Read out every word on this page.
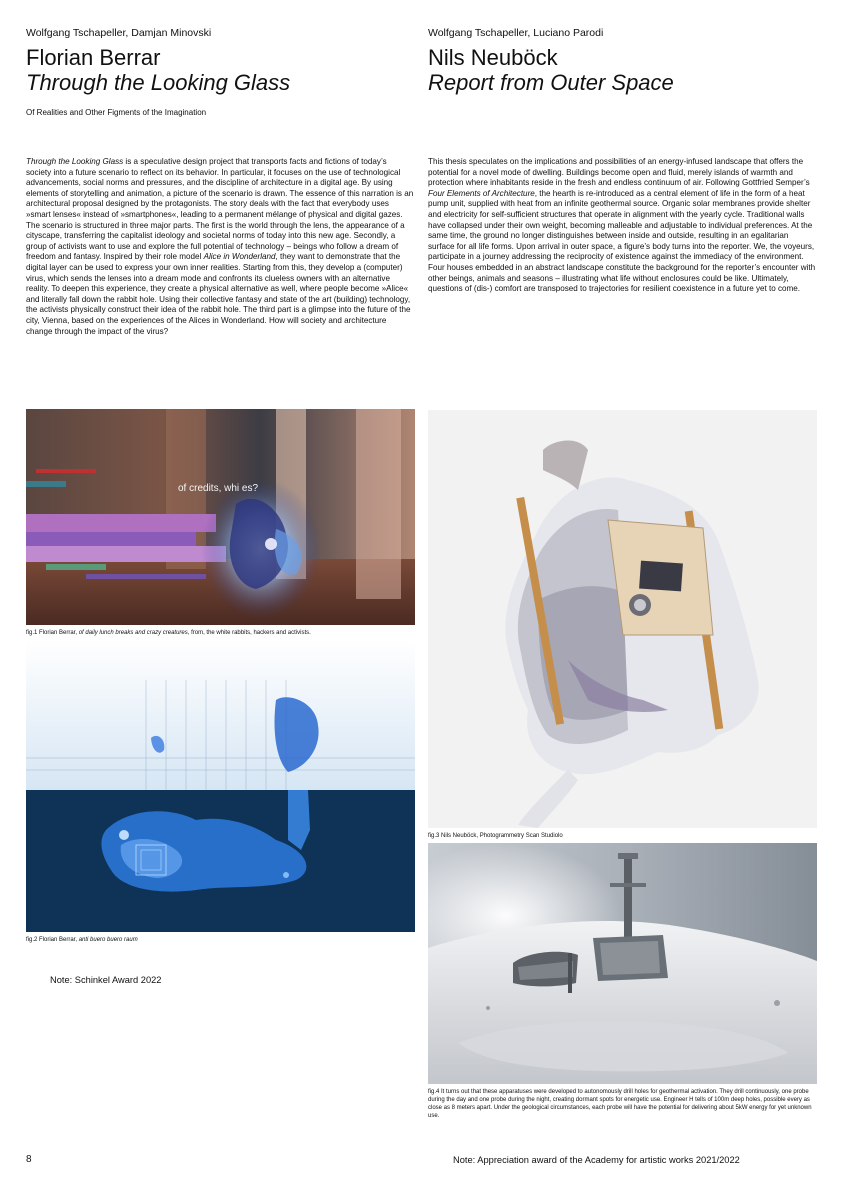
Wolfgang Tschapeller, Damjan Minovski
Florian Berrar
Through the Looking Glass
Of Realities and Other Figments of the Imagination
Wolfgang Tschapeller, Luciano Parodi
Nils Neuböck
Report from Outer Space
Through the Looking Glass is a speculative design project that transports facts and fictions of today’s society into a future scenario to reflect on its behavior. In particular, it focuses on the use of technological advancements, social norms and pressures, and the discipline of architecture in a digital age. By using elements of storytelling and animation, a picture of the scenario is drawn. The essence of this narration is an architectural proposal designed by the protagonists. The story deals with the fact that everybody uses »smart lenses« instead of »smartphones«, leading to a permanent mélange of physical and digital gazes. The scenario is structured in three major parts. The first is the world through the lens, the appearance of a cityscape, transferring the capitalist ideology and societal norms of today into this new age. Secondly, a group of activists want to use and explore the full potential of technology – beings who follow a dream of freedom and fantasy. Inspired by their role model Alice in Wonderland, they want to demonstrate that the digital layer can be used to express your own inner realities. Starting from this, they develop a (computer) virus, which sends the lenses into a dream mode and confronts its clueless owners with an alternative reality. To deepen this experience, they create a physical alternative as well, where people become »Alice« and literally fall down the rabbit hole. Using their collective fantasy and state of the art (building) technology, the activists physically construct their idea of the rabbit hole. The third part is a glimpse into the future of the city, Vienna, based on the experiences of the Alices in Wonderland. How will society and architecture change through the impact of the virus?
This thesis speculates on the implications and possibilities of an energy-infused landscape that offers the potential for a novel mode of dwelling. Buildings become open and fluid, merely islands of warmth and protection where inhabitants reside in the fresh and endless continuum of air. Following Gottfried Semper’s Four Elements of Architecture, the hearth is re-introduced as a central element of life in the form of a heat pump unit, supplied with heat from an infinite geothermal source. Organic solar membranes provide shelter and electricity for self-sufficient structures that operate in alignment with the yearly cycle. Traditional walls have collapsed under their own weight, becoming malleable and adjustable to individual preferences. At the same time, the ground no longer distinguishes between inside and outside, resulting in an egalitarian surface for all life forms. Upon arrival in outer space, a figure’s body turns into the reporter. We, the voyeurs, participate in a journey addressing the reciprocity of existence against the immediacy of the environment. Four houses embedded in an abstract landscape constitute the background for the reporter’s encounter with other beings, animals and seasons – illustrating what life without enclosures could be like. Ultimately, questions of (dis-) comfort are transposed to trajectories for resilient coexistence in a future yet to come.
of credits, whi es?
fig.1 Florian Berrar, of daily lunch breaks and crazy creatures, from, the white rabbits, hackers and activists.
fig.2 Florian Berrar, anti buero buero raum
Note: Schinkel Award 2022
fig.3 Nils Neuböck, Photogrammetry Scan Studiolo
fig.4 It turns out that these apparatuses were developed to autonomously drill holes for geothermal activation. They drill continuously, one probe during the day and one probe during the night, creating dormant spots for energetic use. Engineer H tells of 100m deep holes, possible every as close as 8 meters apart. Under the geological circumstances, each probe will have the potential for delivering about 5kW energy for yet unknown use.
8	Note: Appreciation award of the Academy for artistic works 2021/2022
